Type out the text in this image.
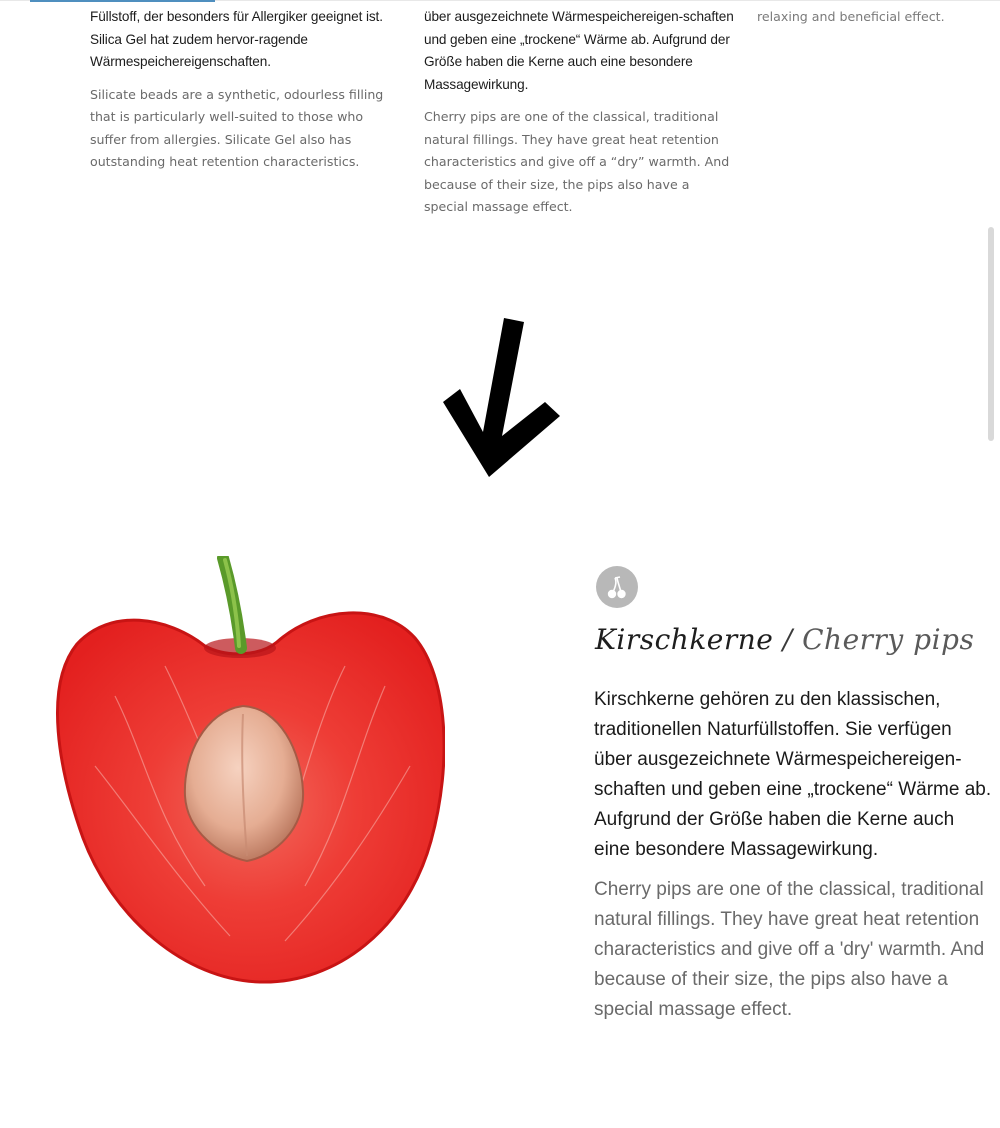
Füllstoff, der besonders für Allergiker geeignet ist. Silica Gel hat zudem hervor-ragende Wärmespeichereigenschaften.

Silicate beads are a synthetic, odourless filling that is particularly well-suited to those who suffer from allergies. Silicate Gel also has outstanding heat retention characteristics.

über ausgezeichnete Wärmespeichereigen-schaften und geben eine „trockene“ Wärme ab. Aufgrund der Größe haben die Kerne auch eine besondere Massagewirkung.

Cherry pips are one of the classical, traditional natural fillings. They have great heat retention characteristics and give off a “dry” warmth. And because of their size, the pips also have a special massage effect.

relaxing and beneficial effect.

Kirschkerne / Cherry pips

Kirschkerne gehören zu den klassischen, traditionellen Naturfüllstoffen. Sie verfügen über ausgezeichnete Wärmespeichereigen-schaften und geben eine „trockene“ Wärme ab. Aufgrund der Größe haben die Kerne auch eine besondere Massagewirkung.

Cherry pips are one of the classical, traditional natural fillings. They have great heat retention characteristics and give off a 'dry' warmth. And because of their size, the pips also have a special massage effect.
